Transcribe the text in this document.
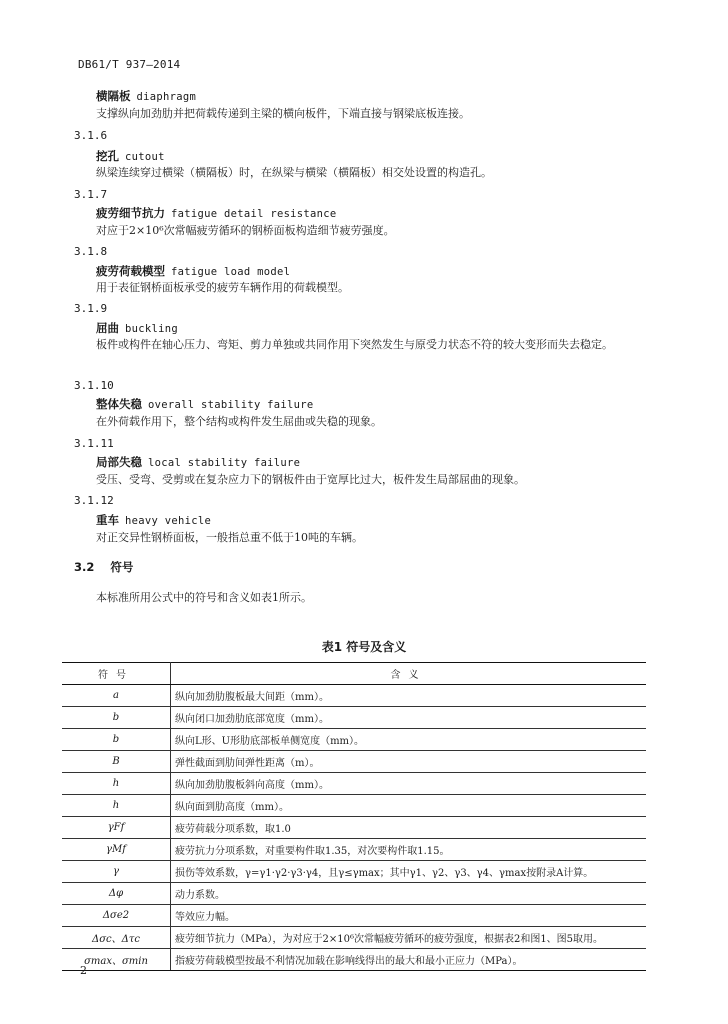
DB61/T 937—2014
横隔板 diaphragm
支撑纵向加劲肋并把荷载传递到主梁的横向板件，下端直接与钢梁底板连接。
3.1.6
挖孔 cutout
纵梁连续穿过横梁（横隔板）时，在纵梁与横梁（横隔板）相交处设置的构造孔。
3.1.7
疲劳细节抗力 fatigue detail resistance
对应于2×10⁶次常幅疲劳循环的钢桥面板构造细节疲劳强度。
3.1.8
疲劳荷载模型 fatigue load model
用于表征钢桥面板承受的疲劳车辆作用的荷载模型。
3.1.9
屈曲 buckling
板件或构件在轴心压力、弯矩、剪力单独或共同作用下突然发生与原受力状态不符的较大变形而失去稳定。
3.1.10
整体失稳 overall stability failure
在外荷载作用下，整个结构或构件发生屈曲或失稳的现象。
3.1.11
局部失稳 local stability failure
受压、受弯、受剪或在复杂应力下的钢板件由于宽厚比过大，板件发生局部屈曲的现象。
3.1.12
重车 heavy vehicle
对正交异性钢桥面板，一般指总重不低于10吨的车辆。
3.2 符号
本标准所用公式中的符号和含义如表1所示。
表1 符号及含义
符号	含义
a	纵向加劲肋腹板最大间距（mm）。
b	纵向闭口加劲肋底部宽度（mm）。
b	纵向L形、U形肋底部板单侧宽度（mm）。
B	弹性截面到肋间弹性距离（m）。
h	纵向加劲肋腹板斜向高度（mm）。
h	纵向面到肋高度（mm）。
γFf	疲劳荷载分项系数，取1.0
γMf	疲劳抗力分项系数，对重要构件取1.35，对次要构件取1.15。
γ	损伤等效系数，γ=γ1·γ2·γ3·γ4，且γ≤γmax；其中γ1、γ2、γ3、γ4、γmax按附录A计算。
Δφ	动力系数。
Δσe2	等效应力幅。
Δσc、Δτc	疲劳细节抗力（MPa），为对应于2×10⁶次常幅疲劳循环的疲劳强度，根据表2和图1、图5取用。
σmax、σmin	指疲劳荷载模型按最不利情况加载在影响线得出的最大和最小正应力（MPa）。
2
